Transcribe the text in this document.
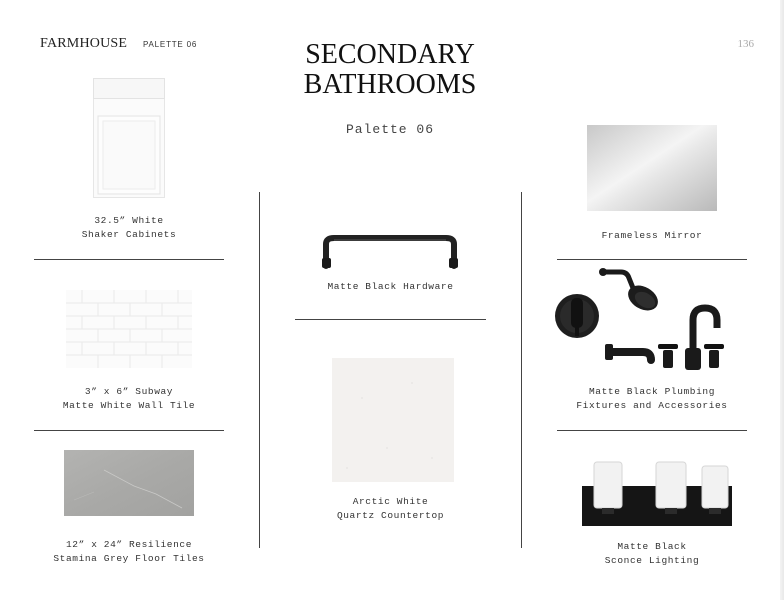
FARMHOUSE PALETTE 06	136
SECONDARY
BATHROOMS
Palette 06
32.5” White
Shaker Cabinets
3” x 6” Subway
Matte White Wall Tile
12” x 24” Resilience
Stamina Grey Floor Tiles
Matte Black Hardware
Arctic White
Quartz Countertop
Frameless Mirror
Matte Black Plumbing
Fixtures and Accessories
Matte Black
Sconce Lighting
